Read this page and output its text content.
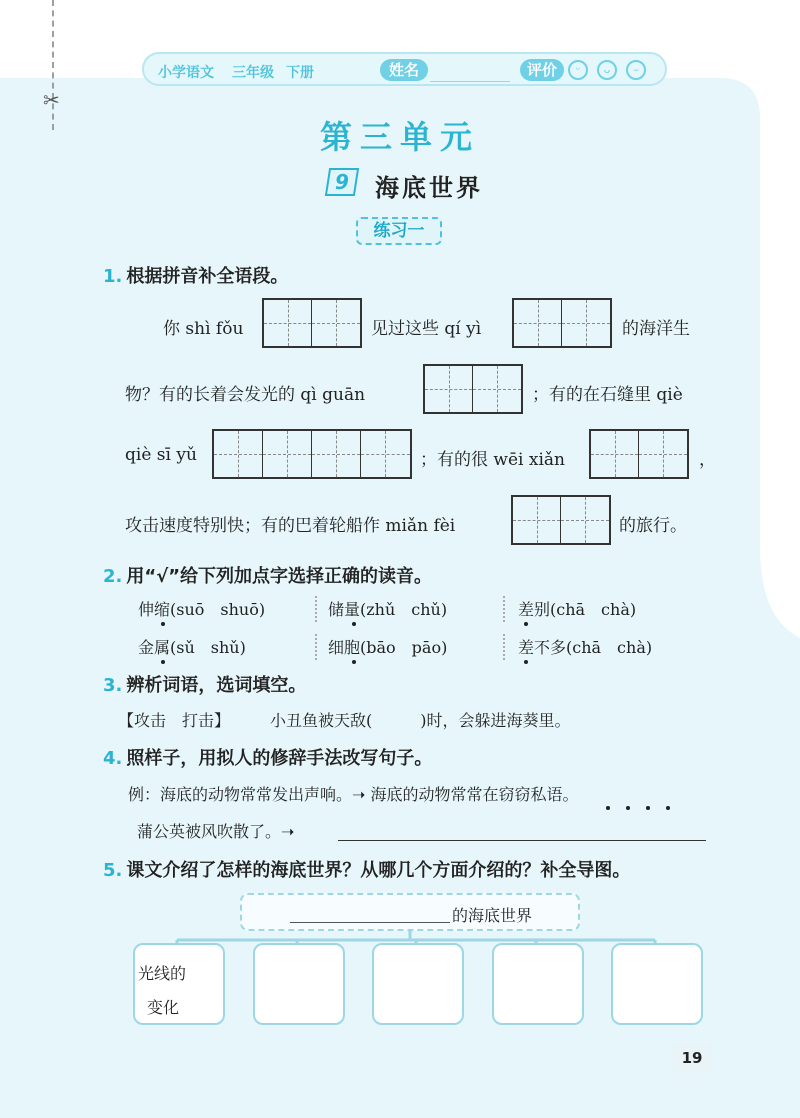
✂
小学语文 三年级 下册	姓名	评价	ᵕ	ᴗ	–
第三单元
9 海底世界
练习一
1. 根据拼音补全语段。
你 shì fǒu	见过这些 qí yì	的海洋生
物？有的长着会发光的 qì guān	；有的在石缝里 qiè
qiè sī yǔ	；有的很 wēi xiǎn	，
攻击速度特别快；有的巴着轮船作 miǎn fèi	的旅行。
2. 用“√”给下列加点字选择正确的读音。
伸缩(suō　shuō)	储量(zhǔ　chǔ)	差别(chā　chà)
金属(sǔ　shǔ)	细胞(bāo　pāo)	差不多(chā　chà)
3. 辨析词语，选词填空。
【攻击　打击】 小丑鱼被天敌(　　　)时，会躲进海葵里。
4. 照样子，用拟人的修辞手法改写句子。
例：海底的动物常常发出声响。➝ 海底的动物常常在窃窃私语。
蒲公英被风吹散了。➝
5. 课文介绍了怎样的海底世界？从哪几个方面介绍的？补全导图。
的海底世界
光线的
变化
19
